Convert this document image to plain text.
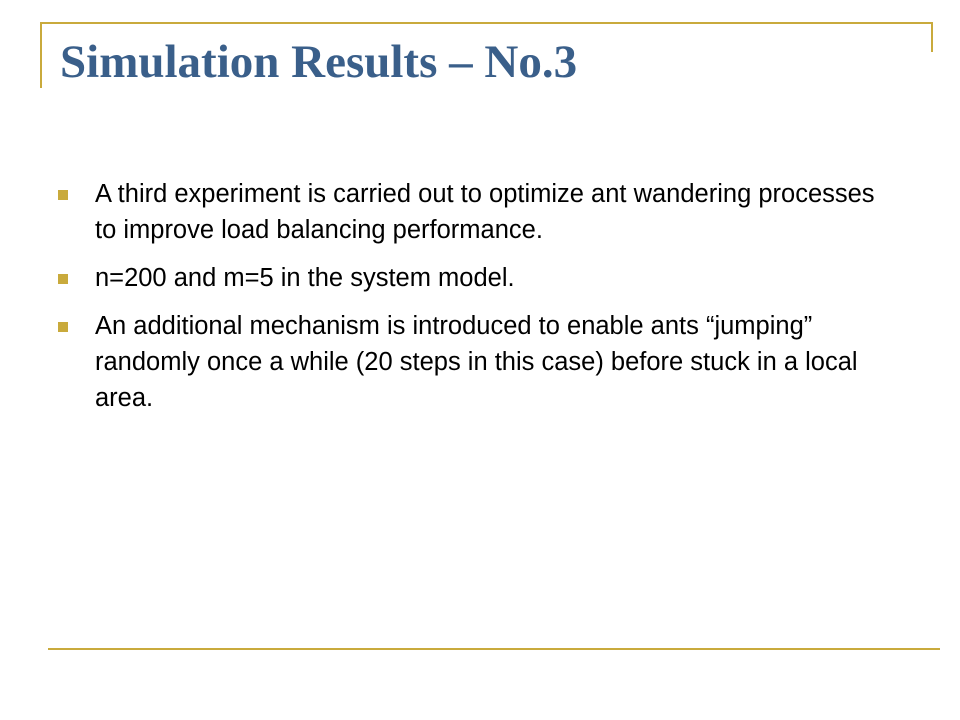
Simulation Results – No.3
A third experiment is carried out to optimize ant wandering processes to improve load balancing performance.
n=200 and m=5 in the system model.
An additional mechanism is introduced to enable ants “jumping” randomly once a while (20 steps in this case) before stuck in a local area.
